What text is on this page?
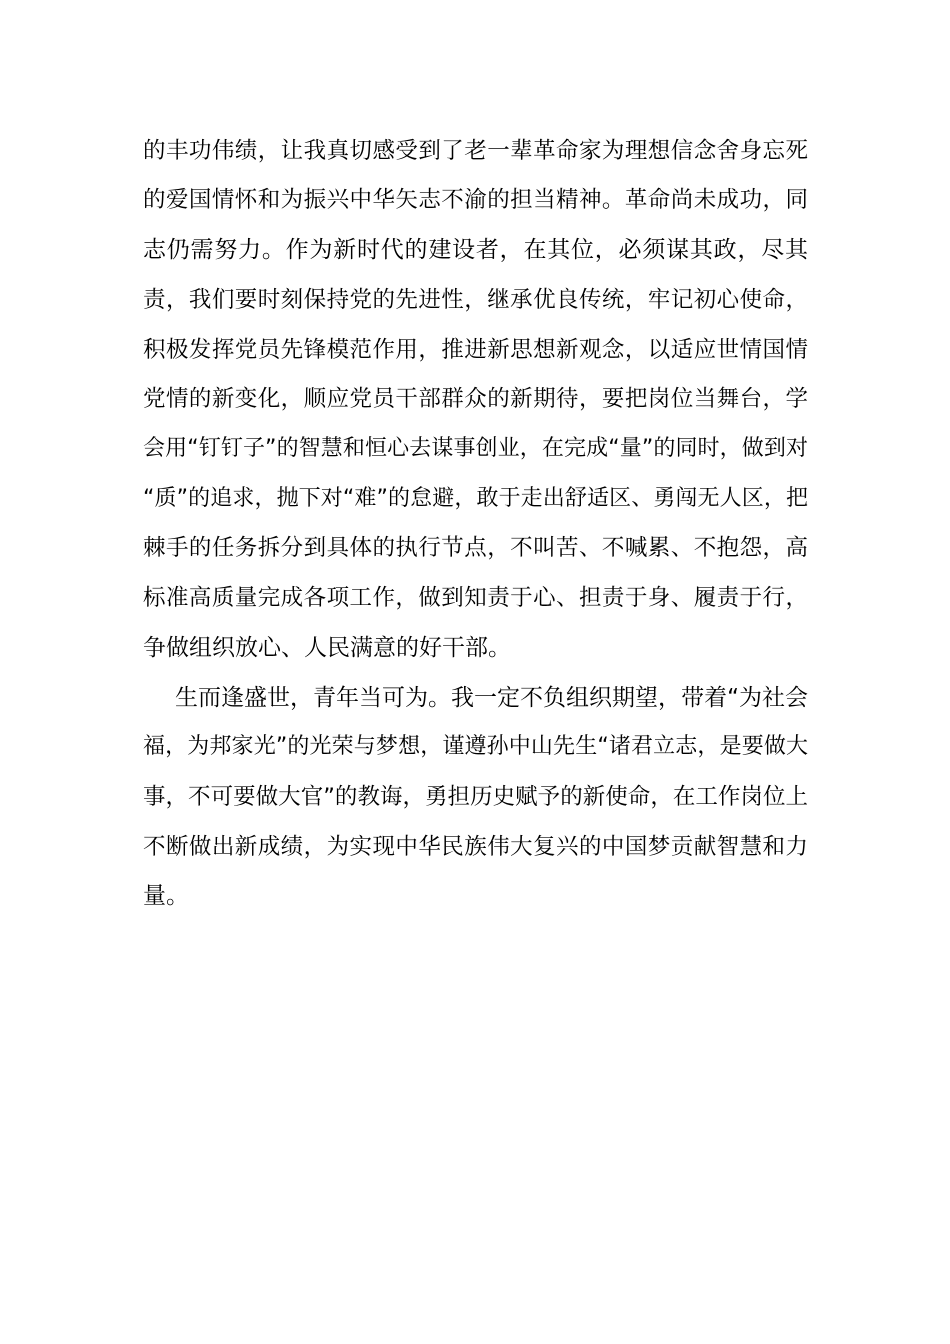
的丰功伟绩，让我真切感受到了老一辈革命家为理想信念舍身忘死
的爱国情怀和为振兴中华矢志不渝的担当精神。革命尚未成功，同
志仍需努力。作为新时代的建设者，在其位，必须谋其政，尽其
责，我们要时刻保持党的先进性，继承优良传统，牢记初心使命，
积极发挥党员先锋模范作用，推进新思想新观念，以适应世情国情
党情的新变化，顺应党员干部群众的新期待，要把岗位当舞台，学
会用“钉钉子”的智慧和恒心去谋事创业，在完成“量”的同时，做到对
“质”的追求，抛下对“难”的怠避，敢于走出舒适区、勇闯无人区，把
棘手的任务拆分到具体的执行节点，不叫苦、不喊累、不抱怨，高
标准高质量完成各项工作，做到知责于心、担责于身、履责于行，
争做组织放心、人民满意的好干部。
生而逢盛世，青年当可为。我一定不负组织期望，带着“为社会
福，为邦家光”的光荣与梦想，谨遵孙中山先生“诸君立志，是要做大
事，不可要做大官”的教诲，勇担历史赋予的新使命，在工作岗位上
不断做出新成绩，为实现中华民族伟大复兴的中国梦贡献智慧和力
量。
